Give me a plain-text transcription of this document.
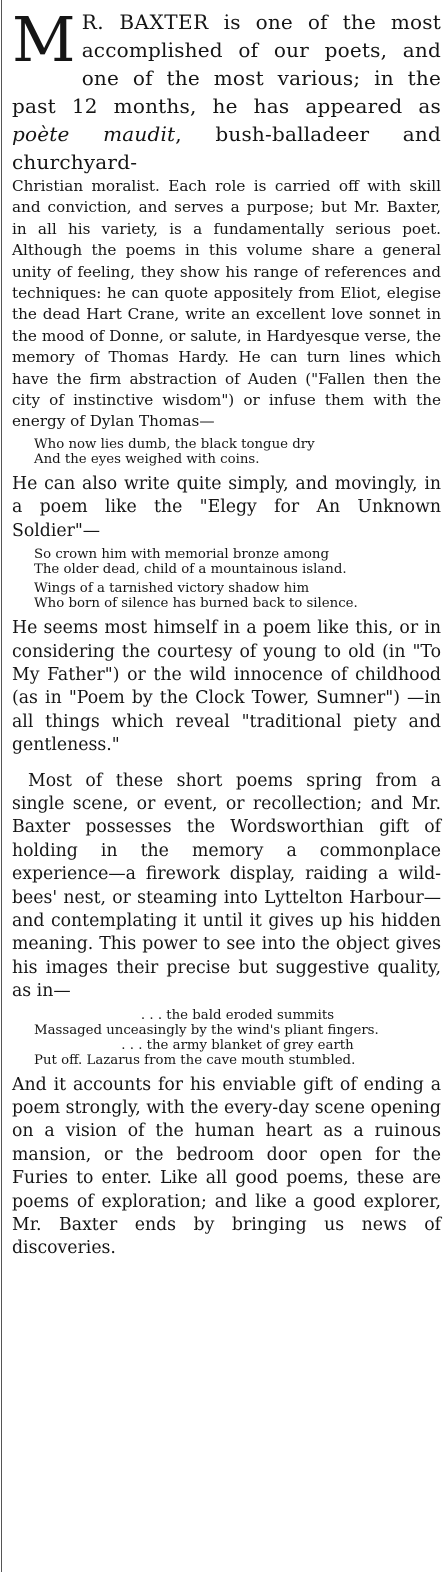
M R. BAXTER is one of the most accomplished of our poets, and one of the most various; in the past 12 months, he has appeared as poète maudit, bush-balladeer and churchyard-

Christian moralist. Each role is carried off with skill and conviction, and serves a purpose; but Mr. Baxter, in all his variety, is a fundamentally serious poet. Although the poems in this volume share a general unity of feeling, they show his range of references and techniques: he can quote appositely from Eliot, elegise the dead Hart Crane, write an excellent love sonnet in the mood of Donne, or salute, in Hardyesque verse, the memory of Thomas Hardy. He can turn lines which have the firm abstraction of Auden ("Fallen then the city of instinctive wisdom") or infuse them with the energy of Dylan Thomas—

Who now lies dumb, the black tongue dry

And the eyes weighed with coins.

He can also write quite simply, and movingly, in a poem like the "Elegy for An Unknown Soldier"—

So crown him with memorial bronze among

The older dead, child of a mountainous island.

Wings of a tarnished victory shadow him

Who born of silence has burned back to silence.

He seems most himself in a poem like this, or in considering the courtesy of young to old (in "To My Father") or the wild innocence of childhood (as in "Poem by the Clock Tower, Sumner") —in all things which reveal "traditional piety and gentleness."

Most of these short poems spring from a single scene, or event, or recollection; and Mr. Baxter possesses the Wordsworthian gift of holding in the memory a commonplace experience—a firework display, raiding a wild-bees' nest, or steaming into Lyttelton Harbour—and contemplating it until it gives up his hidden meaning. This power to see into the object gives his images their precise but suggestive quality, as in—

. . . the bald eroded summits

Massaged unceasingly by the wind's pliant fingers.

. . . the army blanket of grey earth

Put off. Lazarus from the cave mouth stumbled.

And it accounts for his enviable gift of ending a poem strongly, with the every-day scene opening on a vision of the human heart as a ruinous mansion, or the bedroom door open for the Furies to enter. Like all good poems, these are poems of exploration; and like a good explorer, Mr. Baxter ends by bringing us news of discoveries.
